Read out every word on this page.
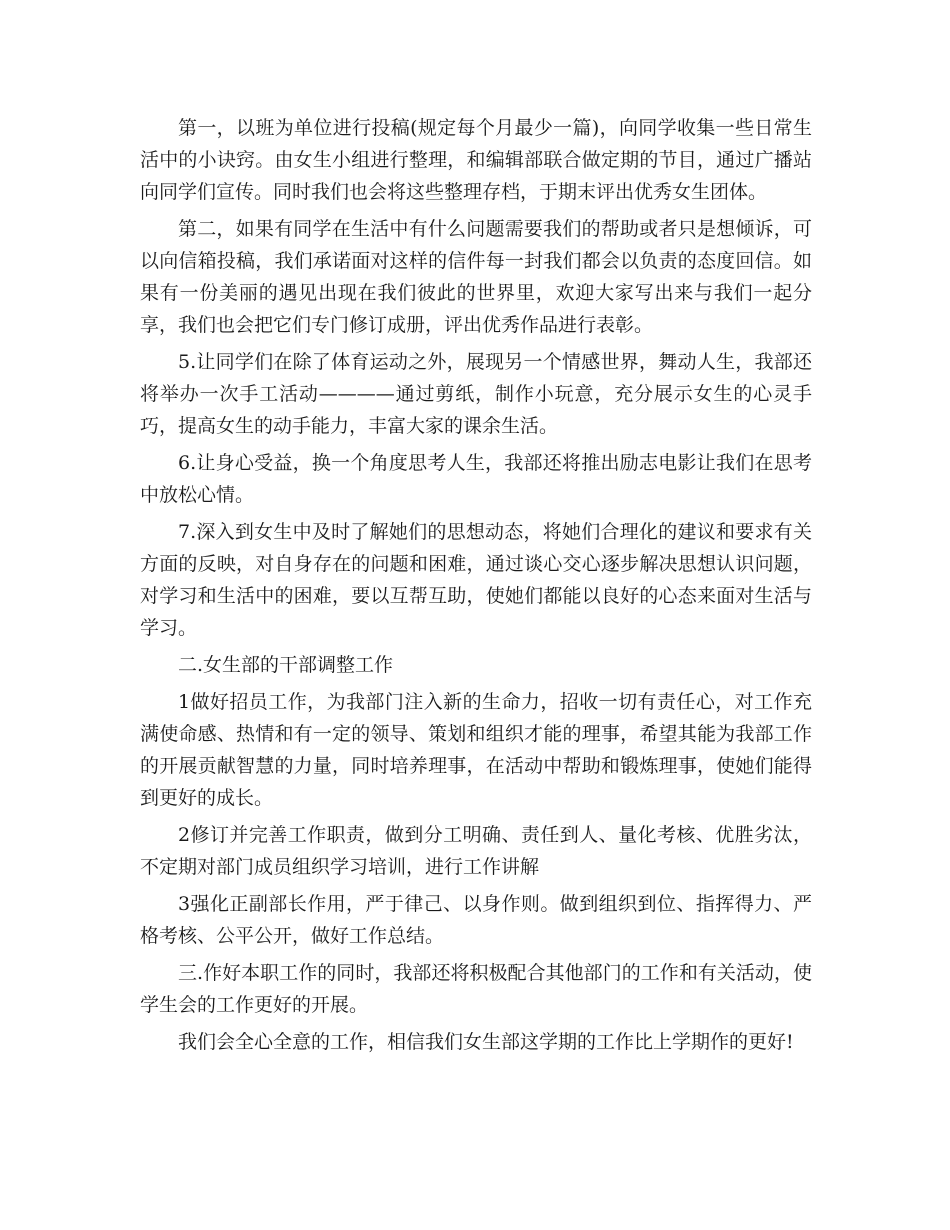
第一，以班为单位进行投稿(规定每个月最少一篇)，向同学收集一些日常生活中的小诀窍。由女生小组进行整理，和编辑部联合做定期的节目，通过广播站向同学们宣传。同时我们也会将这些整理存档，于期末评出优秀女生团体。

第二，如果有同学在生活中有什么问题需要我们的帮助或者只是想倾诉，可以向信箱投稿，我们承诺面对这样的信件每一封我们都会以负责的态度回信。如果有一份美丽的遇见出现在我们彼此的世界里，欢迎大家写出来与我们一起分享，我们也会把它们专门修订成册，评出优秀作品进行表彰。

5.让同学们在除了体育运动之外，展现另一个情感世界，舞动人生，我部还将举办一次手工活动————通过剪纸，制作小玩意，充分展示女生的心灵手巧，提高女生的动手能力，丰富大家的课余生活。

6.让身心受益，换一个角度思考人生，我部还将推出励志电影让我们在思考中放松心情。

7.深入到女生中及时了解她们的思想动态，将她们合理化的建议和要求有关方面的反映，对自身存在的问题和困难，通过谈心交心逐步解决思想认识问题，对学习和生活中的困难，要以互帮互助，使她们都能以良好的心态来面对生活与学习。

二.女生部的干部调整工作

1做好招员工作，为我部门注入新的生命力，招收一切有责任心，对工作充满使命感、热情和有一定的领导、策划和组织才能的理事，希望其能为我部工作的开展贡献智慧的力量，同时培养理事，在活动中帮助和锻炼理事，使她们能得到更好的成长。

2修订并完善工作职责，做到分工明确、责任到人、量化考核、优胜劣汰，不定期对部门成员组织学习培训，进行工作讲解

3强化正副部长作用，严于律己、以身作则。做到组织到位、指挥得力、严格考核、公平公开，做好工作总结。

三.作好本职工作的同时，我部还将积极配合其他部门的工作和有关活动，使学生会的工作更好的开展。

我们会全心全意的工作，相信我们女生部这学期的工作比上学期作的更好!
